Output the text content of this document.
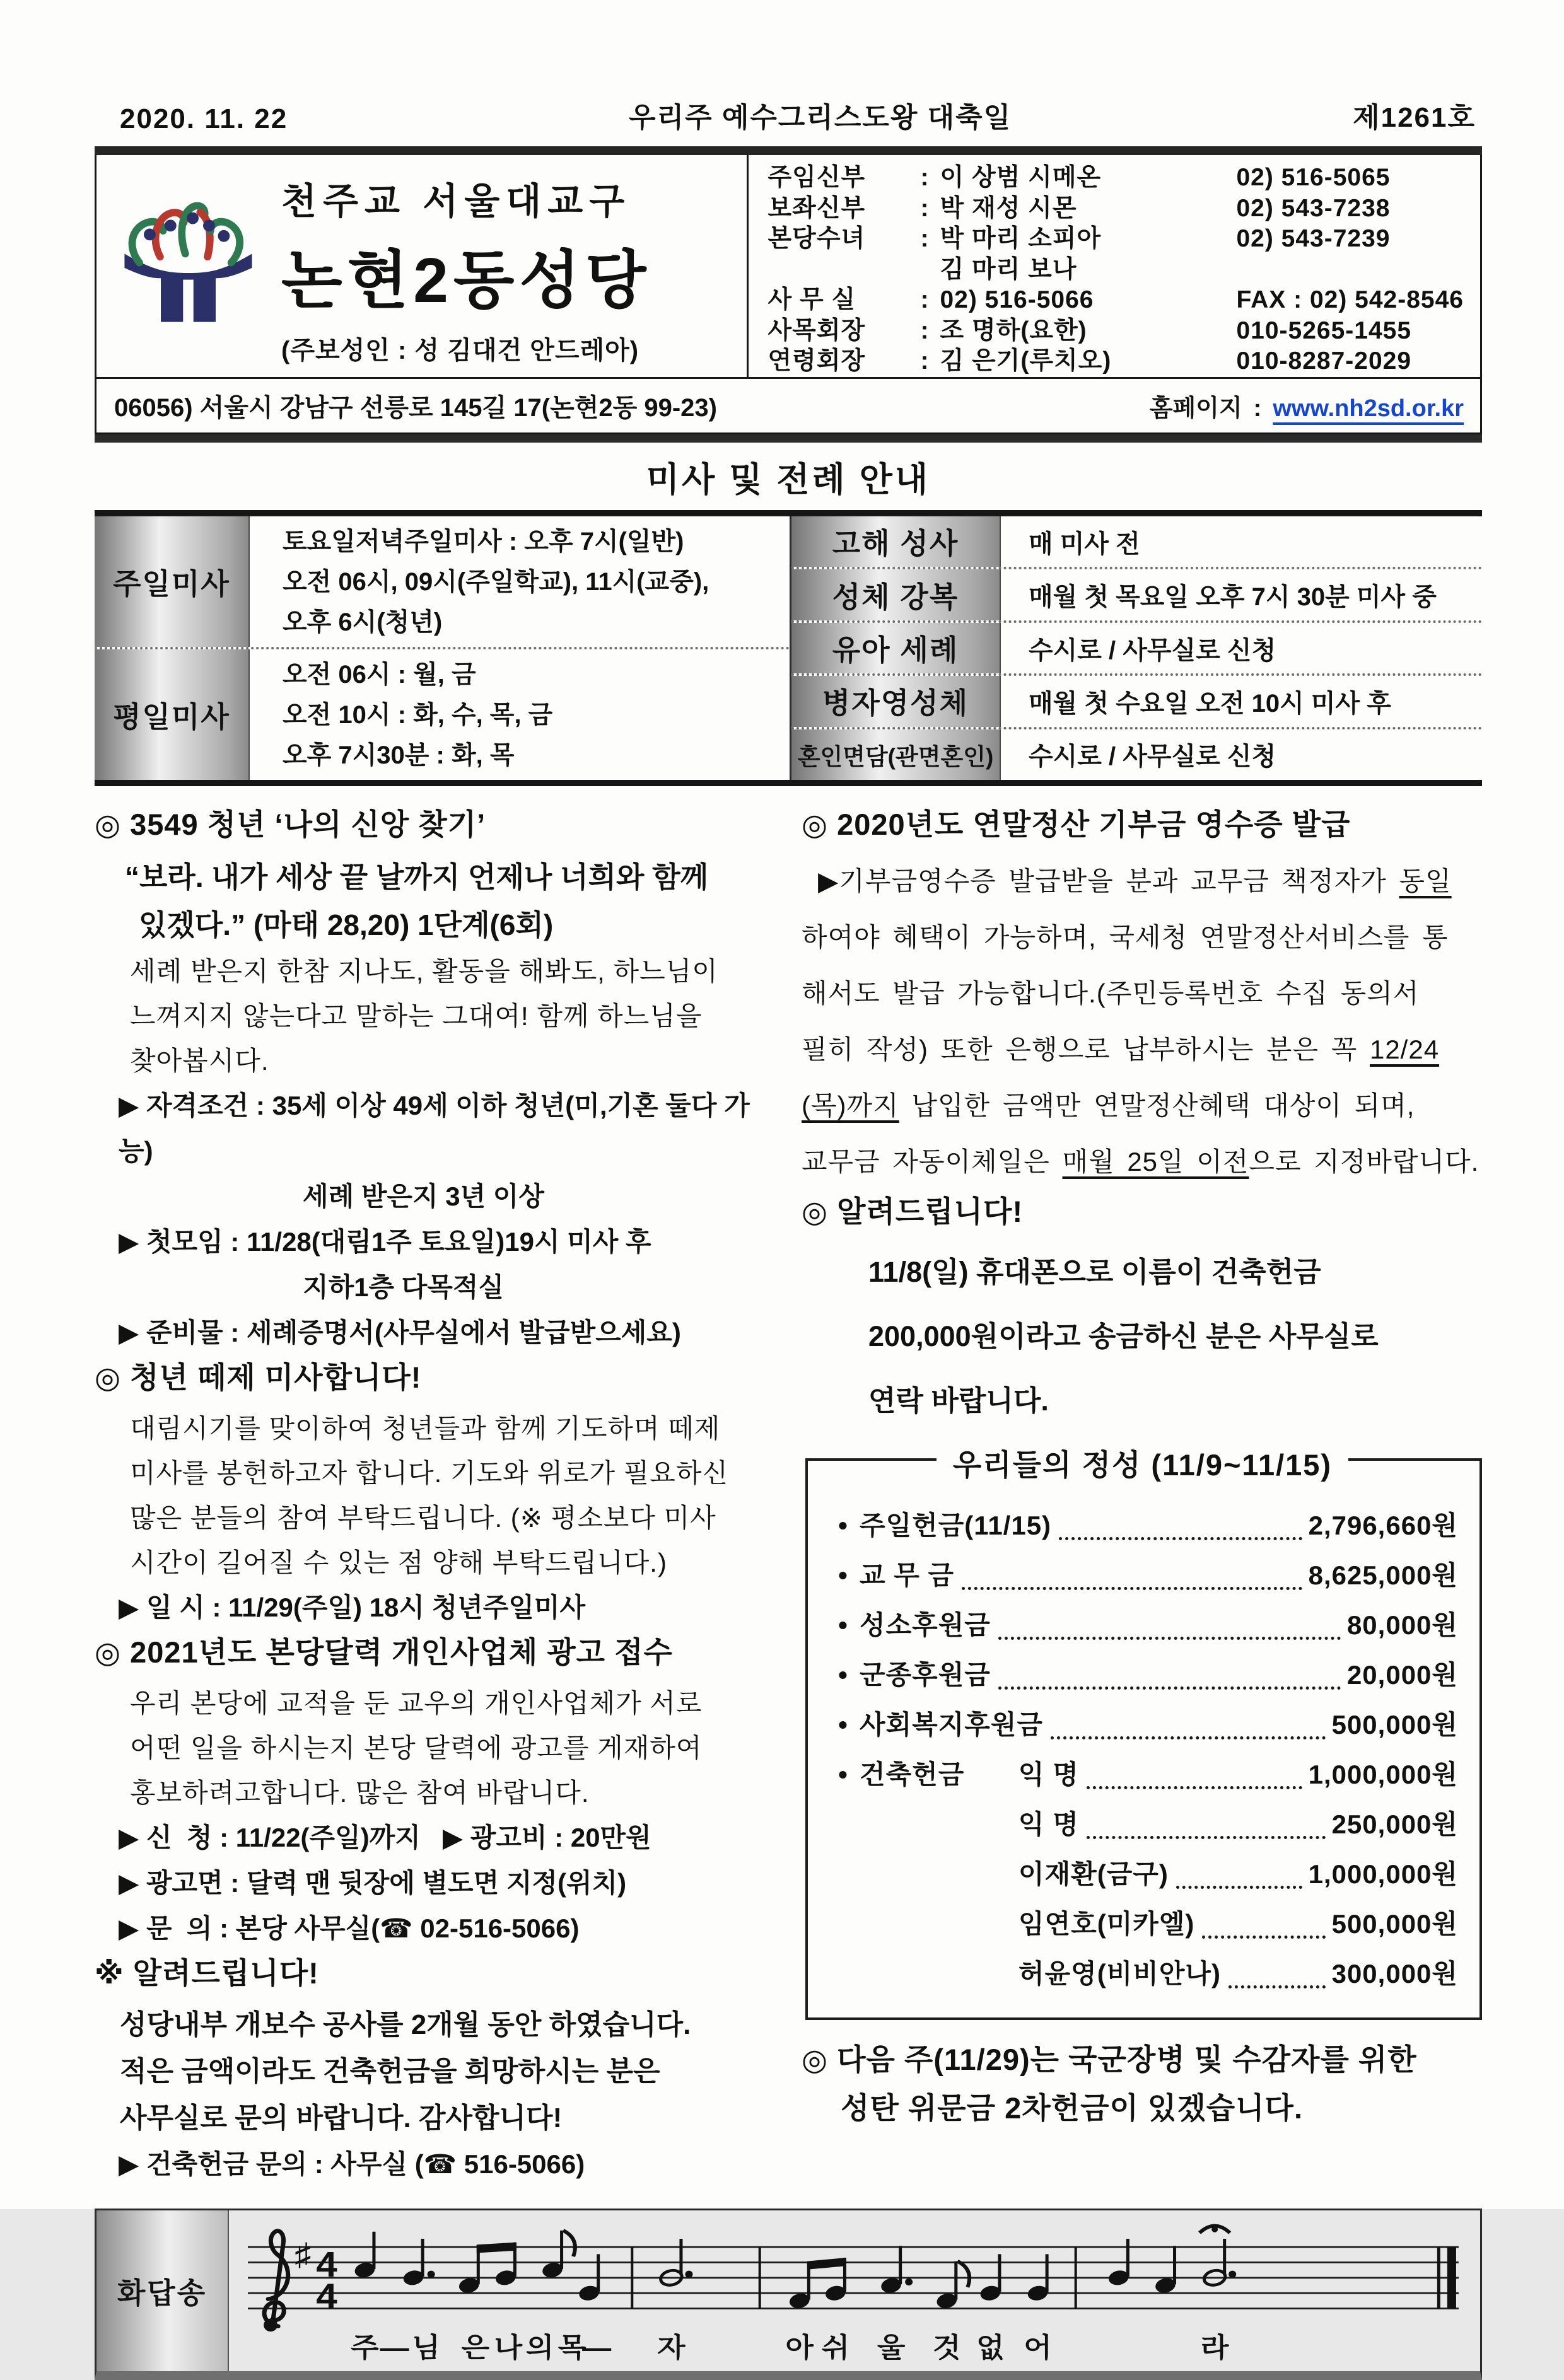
2020. 11. 22	우리주 예수그리스도왕 대축일	제1261호
천주교 서울대교구
논현2동성당
(주보성인 : 성 김대건 안드레아)
주임신부	: 이 상범 시메온	02) 516-5065
보좌신부	: 박 재성 시몬	02) 543-7238
본당수녀	: 박 마리 소피아	02) 543-7239
김 마리 보나
사 무 실	: 02) 516-5066	FAX : 02) 542-8546
사목회장	: 조 명하(요한)	010-5265-1455
연령회장	: 김 은기(루치오)	010-8287-2029
06056) 서울시 강남구 선릉로 145길 17(논현2동 99-23)	홈페이지 : www.nh2sd.or.kr
미사 및 전례 안내
주일미사
토요일저녁주일미사 : 오후 7시(일반)
오전 06시, 09시(주일학교), 11시(교중),
오후 6시(청년)
평일미사
오전 06시 : 월, 금
오전 10시 : 화, 수, 목, 금
오후 7시30분 : 화, 목
고해 성사	매 미사 전
성체 강복	매월 첫 목요일 오후 7시 30분 미사 중
유아 세례	수시로 / 사무실로 신청
병자영성체	매월 첫 수요일 오전 10시 미사 후
혼인면담(관면혼인)	수시로 / 사무실로 신청
◎ 3549 청년 ‘나의 신앙 찾기’
“보라. 내가 세상 끝 날까지 언제나 너희와 함께
있겠다.” (마태 28,20) 1단계(6회)
세례 받은지 한참 지나도, 활동을 해봐도, 하느님이
느껴지지 않는다고 말하는 그대여! 함께 하느님을
찾아봅시다.
▶ 자격조건 : 35세 이상 49세 이하 청년(미,기혼 둘다 가능)
세례 받은지 3년 이상
▶ 첫모임 : 11/28(대림1주 토요일)19시 미사 후
지하1층 다목적실
▶ 준비물 : 세례증명서(사무실에서 발급받으세요)
◎ 청년 떼제 미사합니다!
대림시기를 맞이하여 청년들과 함께 기도하며 떼제
미사를 봉헌하고자 합니다. 기도와 위로가 필요하신
많은 분들의 참여 부탁드립니다. (※ 평소보다 미사
시간이 길어질 수 있는 점 양해 부탁드립니다.)
▶ 일 시 : 11/29(주일) 18시 청년주일미사
◎ 2021년도 본당달력 개인사업체 광고 접수
우리 본당에 교적을 둔 교우의 개인사업체가 서로
어떤 일을 하시는지 본당 달력에 광고를 게재하여
홍보하려고합니다. 많은 참여 바랍니다.
▶ 신  청 : 11/22(주일)까지   ▶ 광고비 : 20만원
▶ 광고면 : 달력 맨 뒷장에 별도면 지정(위치)
▶ 문  의 : 본당 사무실(☎ 02-516-5066)
※ 알려드립니다!
성당내부 개보수 공사를 2개월 동안 하였습니다.
적은 금액이라도 건축헌금을 희망하시는 분은
사무실로 문의 바랍니다. 감사합니다!
▶ 건축헌금 문의 : 사무실 (☎ 516-5066)
◎ 2020년도 연말정산 기부금 영수증 발급
▶기부금영수증 발급받을 분과 교무금 책정자가 동일
하여야 혜택이 가능하며, 국세청 연말정산서비스를 통
해서도 발급 가능합니다.(주민등록번호 수집 동의서
필히 작성) 또한 은행으로 납부하시는 분은 꼭 12/24
(목)까지 납입한 금액만 연말정산혜택 대상이 되며,
교무금 자동이체일은 매월 25일 이전으로 지정바랍니다.
◎ 알려드립니다!
11/8(일) 휴대폰으로 이름이 건축헌금
200,000원이라고 송금하신 분은 사무실로
연락 바랍니다.
우리들의 정성 (11/9~11/15)
• 주일헌금(11/15)	2,796,660원
• 교 무 금	8,625,000원
• 성소후원금	80,000원
• 군종후원금	20,000원
• 사회복지후원금	500,000원
• 건축헌금	익 명	1,000,000원
익 명	250,000원
이재환(금구)	1,000,000원
임연호(미카엘)	500,000원
허윤영(비비안나)	300,000원
◎ 다음 주(11/29)는 국군장병 및 수감자를 위한
성탄 위문금 2차헌금이 있겠습니다.
화답송
♯ 4
4
주 — 님 은 나 의 목
— 자	아 쉬 울 것 없 어	라
